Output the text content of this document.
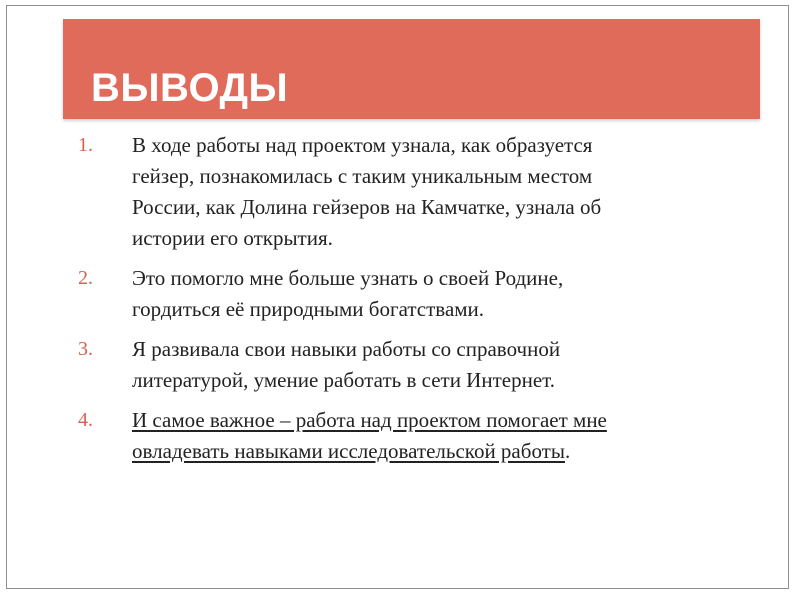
ВЫВОДЫ
1. В ходе работы над проектом узнала, как образуется
гейзер, познакомилась с таким уникальным местом
России, как Долина гейзеров на Камчатке, узнала об
истории его открытия.
2. Это помогло мне больше узнать о своей Родине,
гордиться её природными богатствами.
3. Я развивала свои навыки работы со справочной
литературой, умение работать в сети Интернет.
4. И самое важное – работа над проектом помогает мне
овладевать навыками исследовательской работы.
